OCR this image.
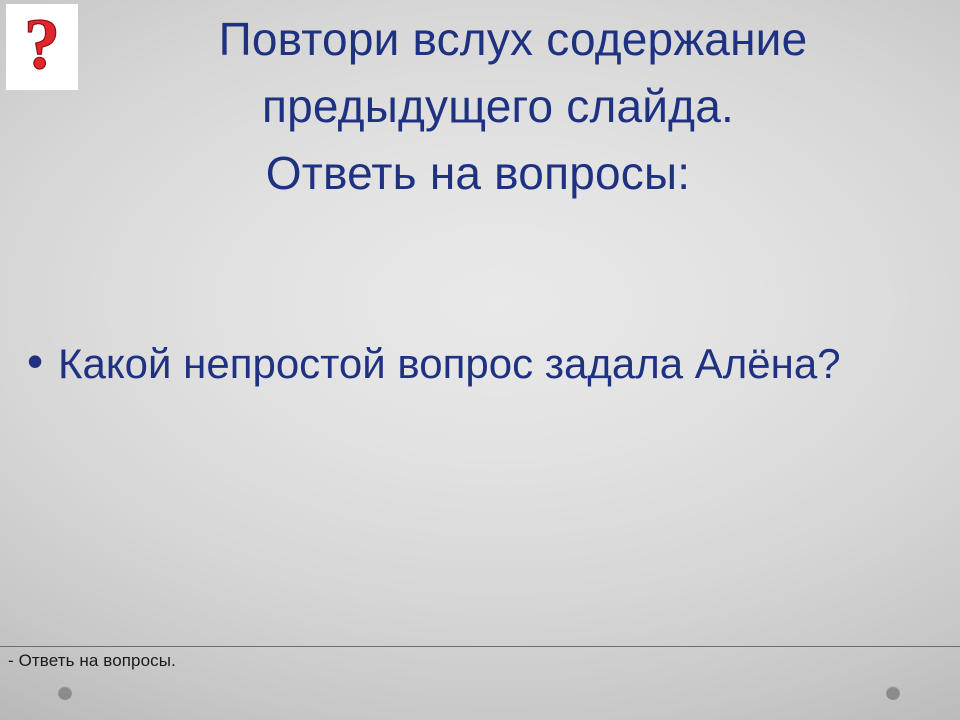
?	Повтори вслух содержание
предыдущего слайда.
Ответь на вопросы:
• Какой непростой вопрос задала Алёна?
- Ответь на вопросы.
